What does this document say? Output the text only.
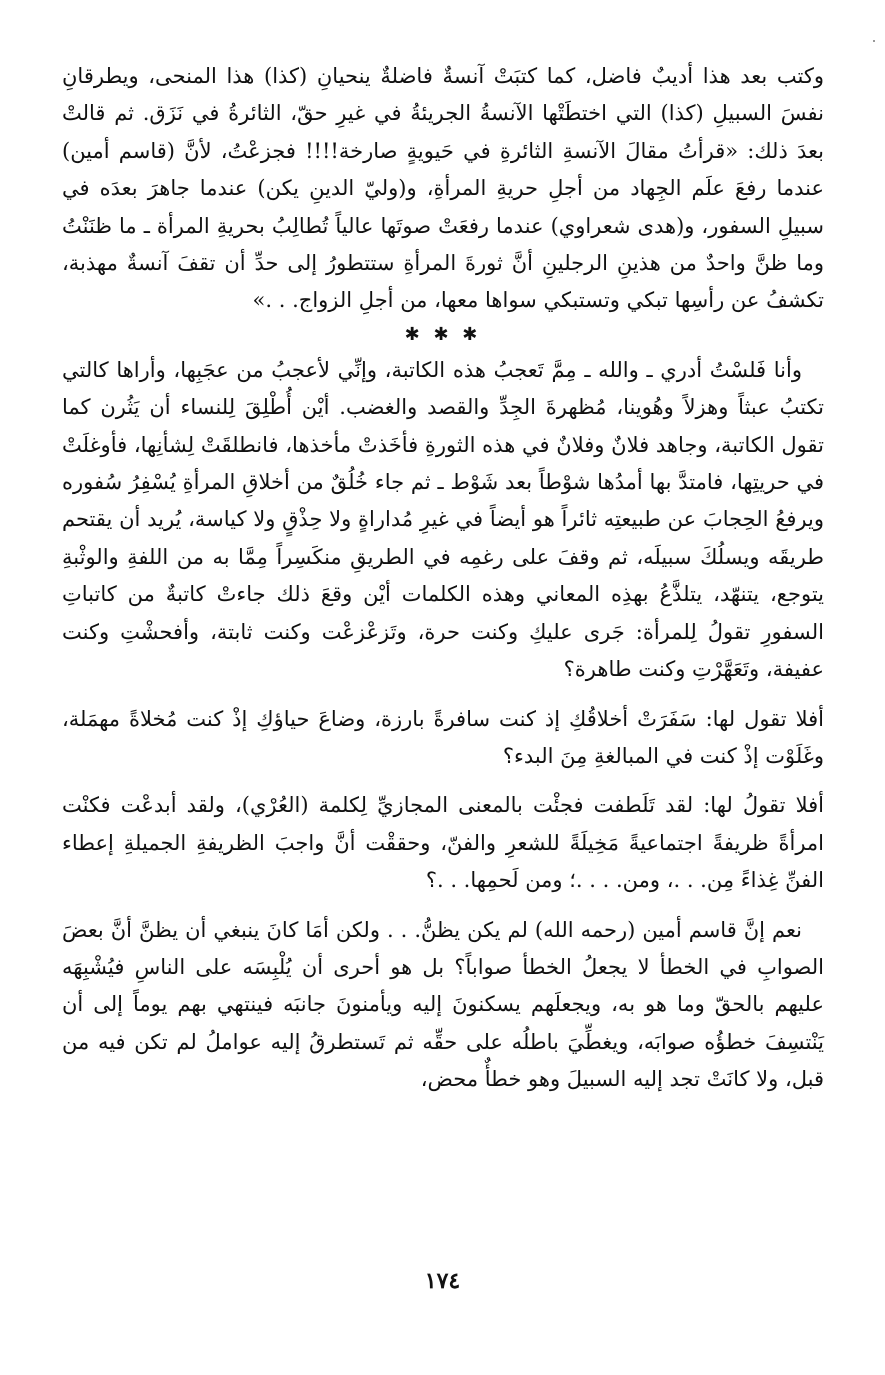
وكتب بعد هذا أديبٌ فاضل، كما كتبَتْ آنسةٌ فاضلةٌ ينحيانِ (كذا) هذا المنحى، ويطرقانِ نفسَ السبيلِ (كذا) التي اختطَتْها الآنسةُ الجريئةُ في غيرِ حقّ، الثائرةُ في نَزَق. ثم قالتْ بعدَ ذلك: «قرأتُ مقالَ الآنسةِ الثائرةِ في حَيويةٍ صارخة!!!! فجزعْتُ، لأنَّ (قاسم أمين) عندما رفعَ علَم الجِهاد من أجلِ حريةِ المرأةِ، و(وليّ الدينِ يكن) عندما جاهرَ بعدَه في سبيلِ السفور، و(هدى شعراوي) عندما رفعَتْ صوتَها عالياً تُطالِبُ بحريةِ المرأة ـ ما ظنَنْتُ وما ظنَّ واحدٌ من هذينِ الرجلينِ أنَّ ثورةَ المرأةِ ستتطورُ إلى حدِّ أن تقفَ آنسةٌ مهذبة، تكشفُ عن رأسِها تبكي وتستبكي سواها معها، من أجلِ الزواج. . .»

✱ ✱ ✱

وأنا فَلسْتُ أدري ـ والله ـ مِمَّ تَعجبُ هذه الكاتبة، وإنِّي لأعجبُ من عجَبِها، وأراها كالتي تكتبُ عبثاً وهزلاً وهُوينا، مُظهرةَ الجِدِّ والقصد والغضب. أيْن أُطْلِقَ لِلنساء أن يَثُرن كما تقول الكاتبة، وجاهد فلانٌ وفلانٌ في هذه الثورةِ فأخَذتْ مأخذها، فانطلقَتْ لِشأنِها، فأوغلَتْ في حريتِها، فامتدَّ بها أمدُها شوْطاً بعد شَوْط ـ ثم جاء خُلُقٌ من أخلاقِ المرأةِ يُسْفِرُ سُفوره ويرفعُ الحِجابَ عن طبيعتِه ثائراً هو أيضاً في غيرِ مُداراةٍ ولا حِذْقٍ ولا كياسة، يُريد أن يقتحم طريقَه ويسلُكَ سبيلَه، ثم وقفَ على رغمِه في الطريقِ منكَسِراً مِمَّا به من اللفةِ والوثْبةِ يتوجع، يتنهّد، يتلذَّعُ بهذِه المعاني وهذه الكلمات أيْن وقعَ ذلك جاءتْ كاتبةٌ من كاتباتِ السفورِ تقولُ لِلمرأة: جَرى عليكِ وكنت حرة، وتَزعْزعْت وكنت ثابتة، وأفحشْتِ وكنت عفيفة، وتَعَهَّرْتِ وكنت طاهرة؟

أفلا تقول لها: سَفَرَتْ أخلاقُكِ إذ كنت سافرةً بارزة، وضاعَ حياؤكِ إذْ كنت مُخلاةً مهمَلة، وغَلَوْت إذْ كنت في المبالغةِ مِنَ البدء؟

أفلا تقولُ لها: لقد تَلَطفت فجئْت بالمعنى المجازيِّ لِكلمة (العُرْي)، ولقد أبدعْت فكنْت امرأةً ظريفةً اجتماعيةً مَخِيلَةً للشعرِ والفنّ، وحققْت أنَّ واجبَ الظريفةِ الجميلةِ إعطاء الفنِّ غِذاءً مِن. . .، ومن. . . .؛ ومن لَحمِها. . .؟

نعم إنَّ قاسم أمين (رحمه الله) لم يكن يظنُّ. . . ولكن أمَا كانَ ينبغي أن يظنَّ أنَّ بعضَ الصوابِ في الخطأ لا يجعلُ الخطأ صواباً؟ بل هو أحرى أن يُلْبِسَه على الناسِ فيُشْبِهَه عليهم بالحقّ وما هو به، ويجعلَهم يسكنونَ إليه ويأمنونَ جانبَه فينتهي بهم يوماً إلى أن يَنْتسِفَ خطؤُه صوابَه، ويغطِّيَ باطلُه على حقِّه ثم تَستطرقُ إليه عواملُ لم تكن فيه من قبل، ولا كانَتْ تجد إليه السبيلَ وهو خطأٌ محض،

١٧٤
